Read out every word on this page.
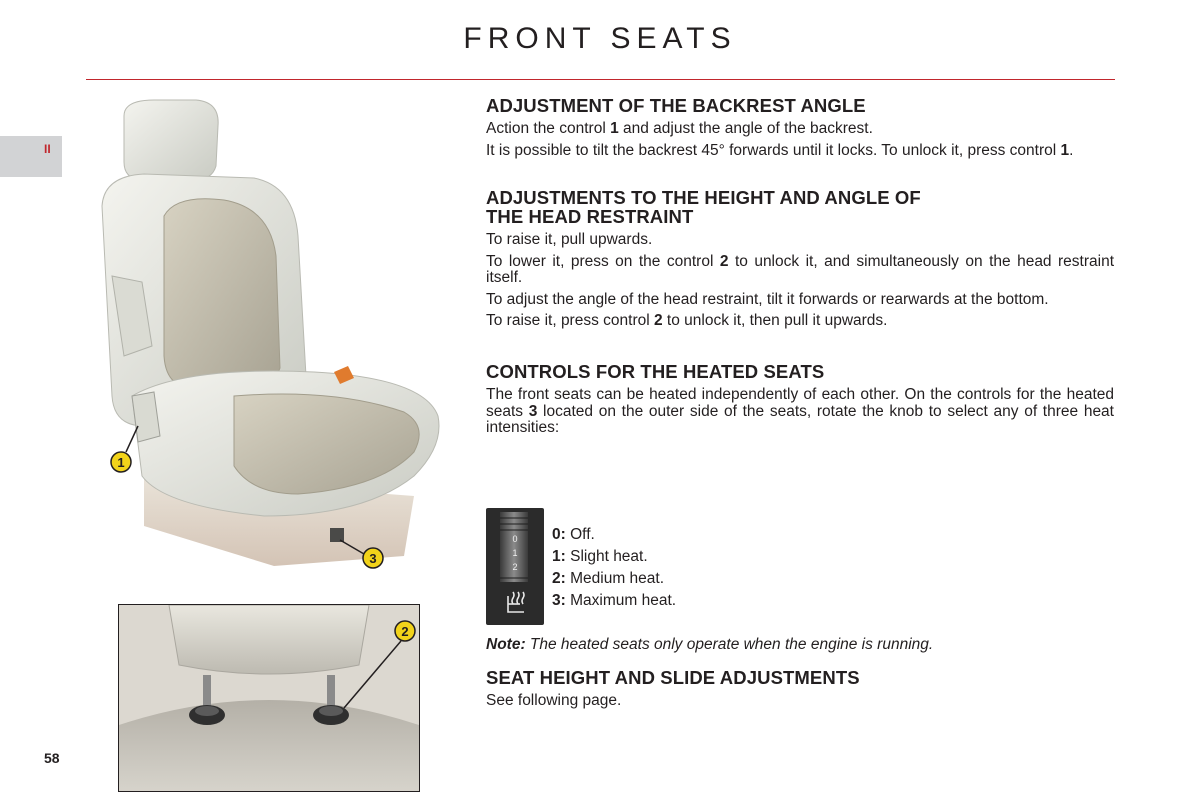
FRONT SEATS
II
1
3
2
ADJUSTMENT OF THE BACKREST ANGLE

Action the control 1 and adjust the angle of the backrest.

It is possible to tilt the backrest 45° forwards until it locks. To unlock it, press control 1.

ADJUSTMENTS TO THE HEIGHT AND ANGLE OF
THE HEAD RESTRAINT

To raise it, pull upwards.

To lower it, press on the control 2 to unlock it, and simultaneously on the head restraint itself.

To adjust the angle of the head restraint, tilt it forwards or rearwards at the bottom.

To raise it, press control 2 to unlock it, then pull it upwards.

CONTROLS FOR THE HEATED SEATS

The front seats can be heated independently of each other. On the controls for the heated seats 3 located on the outer side of the seats, rotate the knob to select any of three heat intensities:

SEAT HEIGHT AND SLIDE ADJUSTMENTS

See following page.

0
1
2
0: Off.
1: Slight heat.
2: Medium heat.
3: Maximum heat.
Note: The heated seats only operate when the engine is running.
58
